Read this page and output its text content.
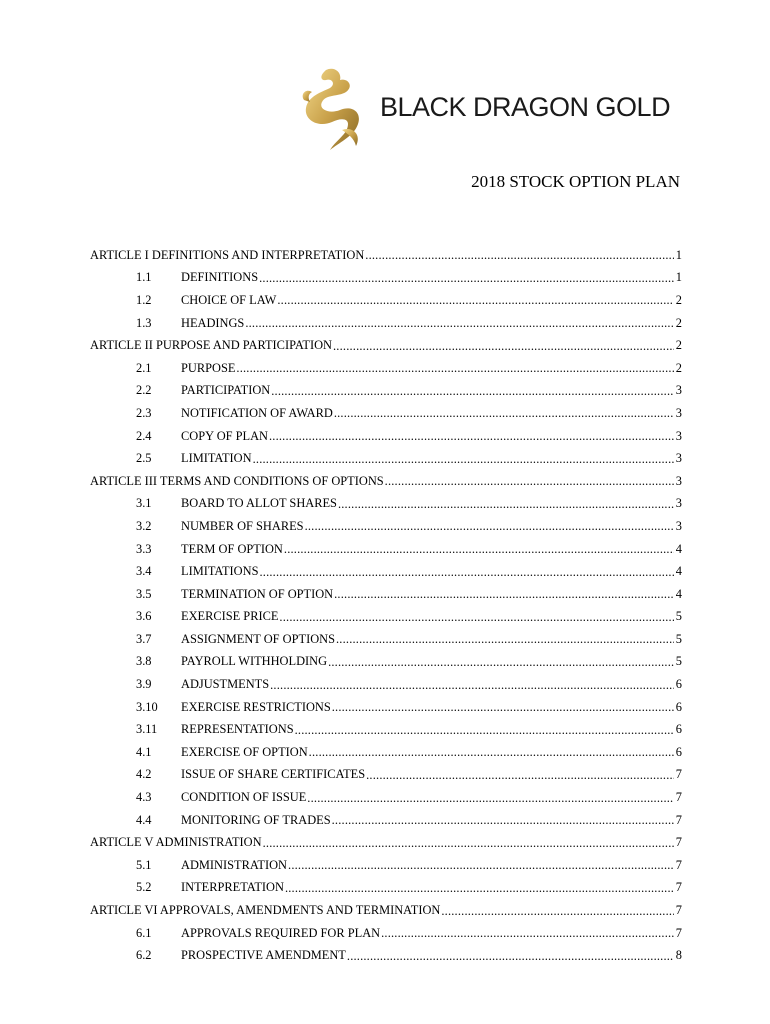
BLACK DRAGON GOLD
2018 STOCK OPTION PLAN
ARTICLE I DEFINITIONS AND INTERPRETATION .....	1
1.1	DEFINITIONS .....	1
1.2	CHOICE OF LAW .....	2
1.3	HEADINGS .....	2
ARTICLE II PURPOSE AND PARTICIPATION .....	2
2.1	PURPOSE .....	2
2.2	PARTICIPATION .....	3
2.3	NOTIFICATION OF AWARD .....	3
2.4	COPY OF PLAN .....	3
2.5	LIMITATION .....	3
ARTICLE III TERMS AND CONDITIONS OF OPTIONS .....	3
3.1	BOARD TO ALLOT SHARES .....	3
3.2	NUMBER OF SHARES .....	3
3.3	TERM OF OPTION .....	4
3.4	LIMITATIONS .....	4
3.5	TERMINATION OF OPTION .....	4
3.6	EXERCISE PRICE .....	5
3.7	ASSIGNMENT OF OPTIONS .....	5
3.8	PAYROLL WITHHOLDING .....	5
3.9	ADJUSTMENTS .....	6
3.10	EXERCISE RESTRICTIONS .....	6
3.11	REPRESENTATIONS .....	6
4.1	EXERCISE OF OPTION .....	6
4.2	ISSUE OF SHARE CERTIFICATES .....	7
4.3	CONDITION OF ISSUE .....	7
4.4	MONITORING OF TRADES .....	7
ARTICLE V ADMINISTRATION .....	7
5.1	ADMINISTRATION .....	7
5.2	INTERPRETATION .....	7
ARTICLE VI APPROVALS, AMENDMENTS AND TERMINATION .....	7
6.1	APPROVALS REQUIRED FOR PLAN .....	7
6.2	PROSPECTIVE AMENDMENT .....	8
